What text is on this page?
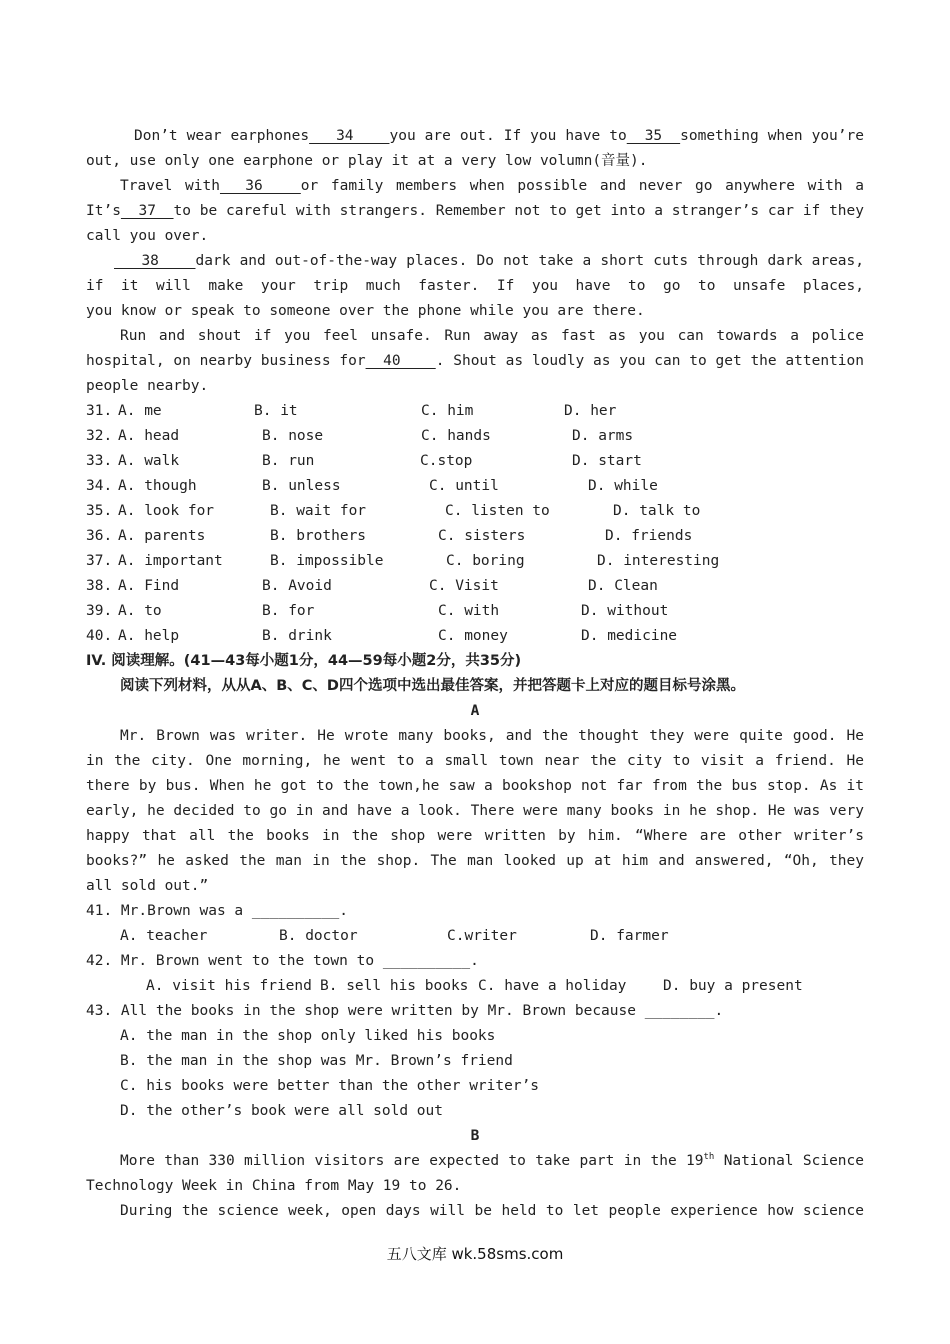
Don’t wear earphones   34    you are out. If you have to  35  something when you’re
out, use only one earphone or play it at a very low volumn(音量).
Travel with  36   or family members when possible and never go anywhere with a
It’s  37  to be careful with strangers. Remember not to get into a stranger’s car if they
call you over.
38    dark and out-of-the-way places. Do not take a short cuts through dark areas,
if it will make your trip much faster. If you have to go to unsafe places,
you know or speak to someone over the phone while you are there.
Run and shout if you feel unsafe. Run away as fast as you can towards a police
hospital, on nearby business for  40    . Shout as loudly as you can to get the attention
people nearby.
31. A. me	B. it	C. him	D. her
32. A. head	B. nose	C. hands	D. arms
33. A. walk	B. run	C.stop	D. start
34. A. though	B. unless	C. until	D. while
35. A. look for	B. wait for	C. listen to	D. talk to
36. A. parents	B. brothers	C. sisters	D. friends
37. A. important	B. impossible	C. boring	D. interesting
38. A. Find	B. Avoid	C. Visit	D. Clean
39. A. to	B. for	C. with	D. without
40. A. help	B. drink	C. money	D. medicine
IV. 阅读理解。(41—43每小题1分，44—59每小题2分，共35分)
阅读下列材料，从从A、B、C、D四个选项中选出最佳答案，并把答题卡上对应的题目标号涂黑。
A
Mr. Brown was writer. He wrote many books, and the thought they were quite good. He
in the city. One morning, he went to a small town near the city to visit a friend. He
there by bus. When he got to the town,he saw a bookshop not far from the bus stop. As it
early, he decided to go in and have a look. There were many books in he shop. He was very
happy that all the books in the shop were written by him. “Where are other writer’s
books?” he asked the man in the shop. The man looked up at him and answered, “Oh, they
all sold out.”
41. Mr.Brown was a __________.
A. teacher	B. doctor	C.writer	D. farmer
42. Mr. Brown went to the town to __________.
A. visit his friend B. sell his books C. have a holiday	D. buy a present
43. All the books in the shop were written by Mr. Brown because ________.
A. the man in the shop only liked his books
B. the man in the shop was Mr. Brown’s friend
C. his books were better than the other writer’s
D. the other’s book were all sold out
B
More than 330 million visitors are expected to take part in the 19th National Science
Technology Week in China from May 19 to 26.
During the science week, open days will be held to let people experience how science
五八文库 wk.58sms.com
